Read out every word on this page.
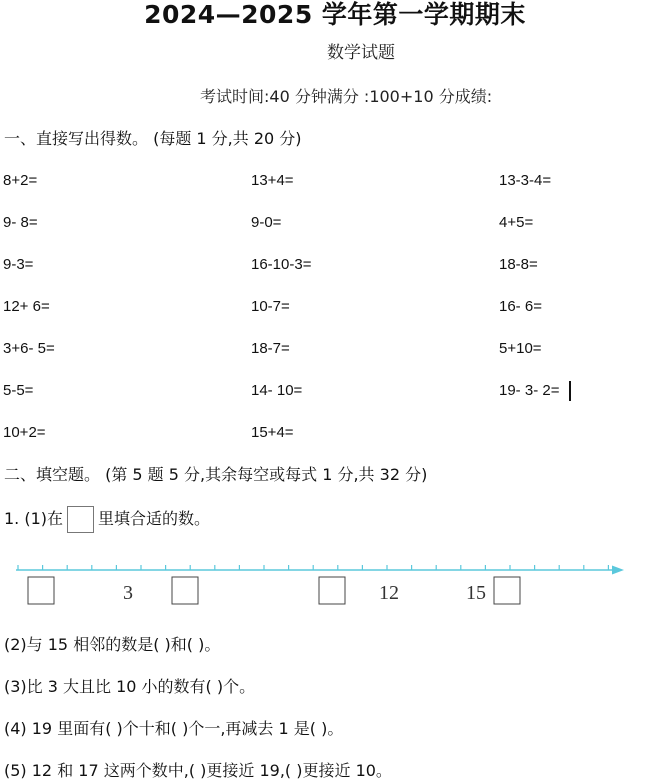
2024—2025 学年第一学期期末
数学试题
考试时间:40 分钟满分 :100+10 分成绩:
一、直接写出得数。 (每题 1 分,共 20 分)
8+2=	13+4=	13-3-4=
9- 8=	9-0=	4+5=
9-3=	16-10-3=	18-8=
12+ 6=	10-7=	16- 6=
3+6- 5=	18-7=	5+10=
5-5=	14- 10=	19- 3- 2=
10+2=	15+4=
二、填空题。 (第 5 题 5 分,其余每空或每式 1 分,共 32 分)
1. (1)在 里填合适的数。
3	12	15
(2)与 15 相邻的数是( )和( )。
(3)比 3 大且比 10 小的数有( )个。
(4) 19 里面有( )个十和( )个一,再减去 1 是( )。
(5) 12 和 17 这两个数中,( )更接近 19,( )更接近 10。
